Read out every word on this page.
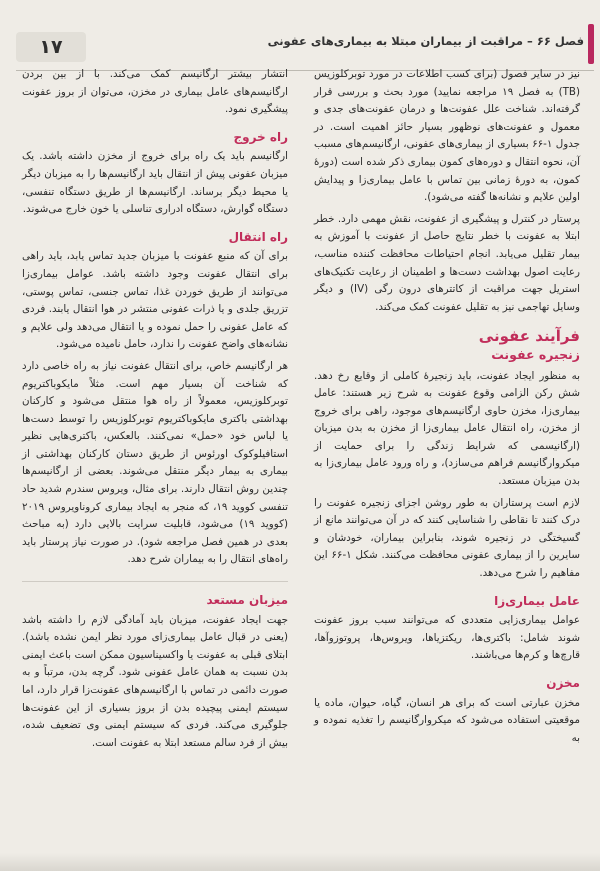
۱۷	فصل ۶۶ – مراقبت از بیماران مبتلا به بیماری‌های عفونی

نیز در سایر فصول (برای کسب اطلاعات در مورد توبرکلوزیس (TB) به فصل ۱۹ مراجعه نمایید) مورد بحث و بررسی قرار گرفته‌اند. شناخت علل عفونت‌ها و درمان عفونت‌های جدی و معمول و عفونت‌های نوظهور بسیار حائز اهمیت است. در جدول ۱-۶۶ بسیاری از بیماری‌های عفونی، ارگانیسم‌های مسبب آن، نحوه انتقال و دوره‌های کمون بیماری ذکر شده است (دورهٔ کمون، به دورهٔ زمانی بین تماس با عامل بیماری‌زا و پیدایش اولین علایم و نشانه‌ها گفته می‌شود).

پرستار در کنترل و پیشگیری از عفونت، نقش مهمی دارد. خطر ابتلا به عفونت با خطر نتایج حاصل از عفونت با آموزش به بیمار تقلیل می‌یابد. انجام احتیاطات محافظت کننده مناسب، رعایت اصول بهداشت دست‌ها و اطمینان از رعایت تکنیک‌های استریل جهت مراقبت از کاتترهای درون رگی (IV) و دیگر وسایل تهاجمی نیز به تقلیل عفونت کمک می‌کند.

فرآیند عفونی
زنجیره عفونت

به منظور ایجاد عفونت، باید زنجیرهٔ کاملی از وقایع رخ دهد. شش رکن الزامی وقوع عفونت به شرح زیر هستند: عامل بیماری‌زا، مخزن حاوی ارگانیسم‌های موجود، راهی برای خروج از مخزن، راه انتقال عامل بیماری‌زا از مخزن به بدن میزبان (ارگانیسمی که شرایط زندگی را برای حمایت از میکروارگانیسم فراهم می‌سازد)، و راه ورود عامل بیماری‌زا به بدن میزبان مستعد.

لازم است پرستاران به طور روشن اجزای زنجیره عفونت را درک کنند تا نقاطی را شناسایی کنند که در آن می‌توانند مانع از گسیختگی در زنجیره شوند، بنابراین بیماران، خودشان و سایرین را از بیماری عفونی محافظت می‌کنند. شکل ۱-۶۶ این مفاهیم را شرح می‌دهد.

عامل بیماری‌زا

عوامل بیماری‌زایی متعددی که می‌توانند سبب بروز عفونت شوند شامل: باکتری‌ها، ریکتزیاها، ویروس‌ها، پروتوزوآها، قارچ‌ها و کرم‌ها می‌باشند.

مخزن

مخزن عبارتی است که برای هر انسان، گیاه، حیوان، ماده یا موقعیتی استفاده می‌شود که میکروارگانیسم را تغذیه نموده و به

انتشار بیشتر ارگانیسم کمک می‌کند. با از بین بردن ارگانیسم‌های عامل بیماری در مخزن، می‌توان از بروز عفونت پیشگیری نمود.

راه خروج

ارگانیسم باید یک راه برای خروج از مخزن داشته باشد. یک میزبان عفونی پیش از انتقال باید ارگانیسم‌ها را به میزبان دیگر یا محیط دیگر برساند. ارگانیسم‌ها از طریق دستگاه تنفسی، دستگاه گوارش، دستگاه ادراری تناسلی یا خون خارج می‌شوند.

راه انتقال

برای آن که منبع عفونت با میزبان جدید تماس یابد، باید راهی برای انتقال عفونت وجود داشته باشد. عوامل بیماری‌زا می‌توانند از طریق خوردن غذا، تماس جنسی، تماس پوستی، تزریق جلدی و یا ذرات عفونی منتشر در هوا انتقال یابند. فردی که عامل عفونی را حمل نموده و یا انتقال می‌دهد ولی علایم و نشانه‌های واضح عفونت را ندارد، حامل نامیده می‌شود.

هر ارگانیسم خاص، برای انتقال عفونت نیاز به راه خاصی دارد که شناخت آن بسیار مهم است. مثلاً مایکوباکتریوم توبرکلوزیس، معمولاً از راه هوا منتقل می‌شود و کارکنان بهداشتی باکتری مایکوباکتریوم توبرکلوزیس را توسط دست‌ها یا لباس خود «حمل» نمی‌کنند. بالعکس، باکتری‌هایی نظیر استافیلوکوک اورئوس از طریق دستان کارکنان بهداشتی از بیماری به بیمار دیگر منتقل می‌شوند. بعضی از ارگانیسم‌ها چندین روش انتقال دارند. برای مثال، ویروس سندرم شدید حاد تنفسی کووید ۱۹، که منجر به ایجاد بیماری کروناویروس ۲۰۱۹ (کووید ۱۹) می‌شود، قابلیت سرایت بالایی دارد (به مباحث بعدی در همین فصل مراجعه شود). در صورت نیاز پرستار باید راه‌های انتقال را به بیماران شرح دهد.

میزبان مستعد

جهت ایجاد عفونت، میزبان باید آمادگی لازم را داشته باشد (یعنی در قبال عامل بیماری‌زای مورد نظر ایمن نشده باشد). ابتلای قبلی به عفونت یا واکسیناسیون ممکن است باعث ایمنی بدن نسبت به همان عامل عفونی شود. گرچه بدن، مرتباً و به صورت دائمی در تماس با ارگانیسم‌های عفونت‌زا قرار دارد، اما سیستم ایمنی پیچیده بدن از بروز بسیاری از این عفونت‌ها جلوگیری می‌کند. فردی که سیستم ایمنی وی تضعیف شده، بیش از فرد سالم مستعد ابتلا به عفونت است.
